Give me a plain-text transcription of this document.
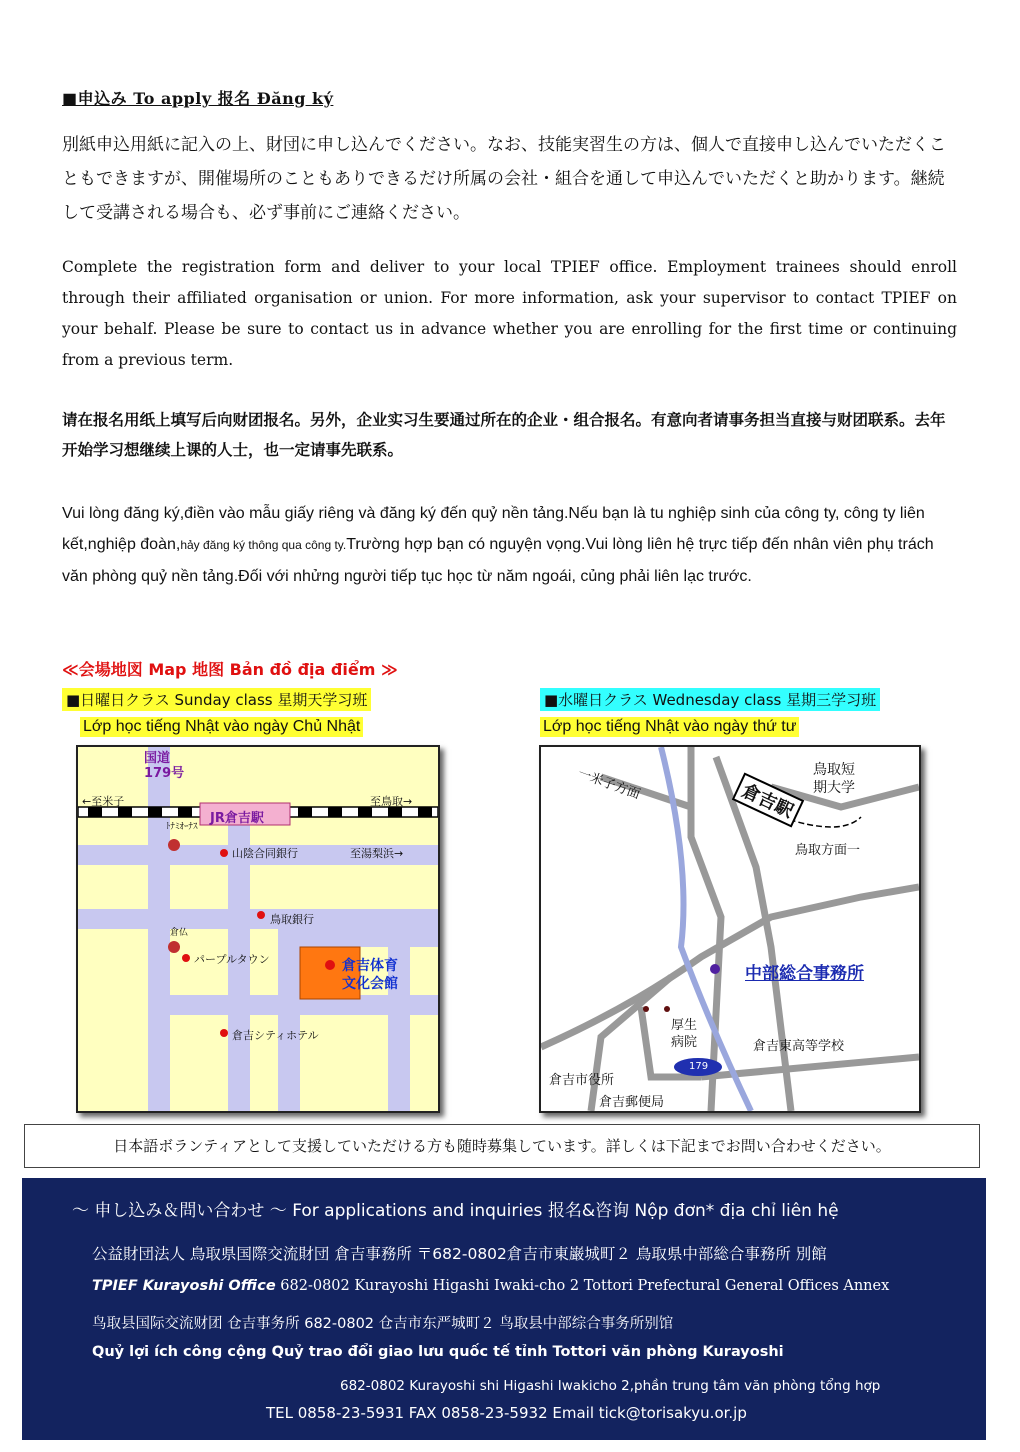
■申込み To apply 报名 Đăng ký
別紙申込用紙に記入の上、財団に申し込んでください。なお、技能実習生の方は、個人で直接申し込んでいただくこともできますが、開催場所のこともありできるだけ所属の会社・組合を通して申込んでいただくと助かります。継続して受講される場合も、必ず事前にご連絡ください。
Complete the registration form and deliver to your local TPIEF office. Employment trainees should enroll through their affiliated organisation or union. For more information, ask your supervisor to contact TPIEF on your behalf. Please be sure to contact us in advance whether you are enrolling for the first time or continuing from a previous term.
请在报名用纸上填写后向财团报名。另外，企业实习生要通过所在的企业・组合报名。有意向者请事务担当直接与财团联系。去年开始学习想继续上课的人士，也一定请事先联系。
Vui lòng đăng ký,điền vào mẫu giấy riêng và đăng ký đến quỷ nền tảng.Nếu bạn là tu nghiệp sinh của công ty, công ty liên kết,nghiệp đoàn,hảy đăng ký thông qua công ty.Trường hợp bạn có nguyện vọng.Vui lòng liên hệ trực tiếp đến nhân viên phụ trách văn phòng quỷ nền tảng.Đối với nhửng người tiếp tục học từ năm ngoái, củng phải liên lạc trước.
≪会場地図 Map 地图 Bản đồ địa điểm ≫
■日曜日クラス Sunday class 星期天学习班	■水曜日クラス Wednesday class 星期三学习班
Lớp học tiếng Nhật vào ngày Chủ Nhật	Lớp học tiếng Nhật vào ngày thứ tư
国道
179号
←至米子	至鳥取→
JR倉吉駅
ﾄﾅﾐｵｰﾅｽ
山陰合同銀行	至湯梨浜→
鳥取銀行
倉仏
パープルタウン	倉吉体育
文化会館
倉吉シティホテル
一米子方面	倉吉駅
鳥取短
期大学
鳥取方面一
中部総合事務所
厚生
病院	倉吉東高等学校
179
倉吉市役所
倉吉郵便局
日本語ボランティアとして支援していただける方も随時募集しています。詳しくは下記までお問い合わせください。
～ 申し込み＆問い合わせ ～ For applications and inquiries 报名&咨询 Nộp đơn* địa chỉ liên hệ
公益財団法人 鳥取県国際交流財団 倉吉事務所 〒682-0802倉吉市東巌城町２ 鳥取県中部総合事務所 別館
TPIEF Kurayoshi Office 682-0802 Kurayoshi Higashi Iwaki-cho 2 Tottori Prefectural General Offices Annex
鸟取县国际交流财团 仓吉事务所 682-0802 仓吉市东严城町２ 鸟取县中部综合事务所别馆
Quỷ lợi ích công cộng Quỷ trao đổi giao lưu quốc tế tỉnh Tottori văn phòng Kurayoshi
682-0802 Kurayoshi shi Higashi Iwakicho 2,phần trung tâm văn phòng tổng hợp
TEL 0858-23-5931 FAX 0858-23-5932 Email tick@torisakyu.or.jp
